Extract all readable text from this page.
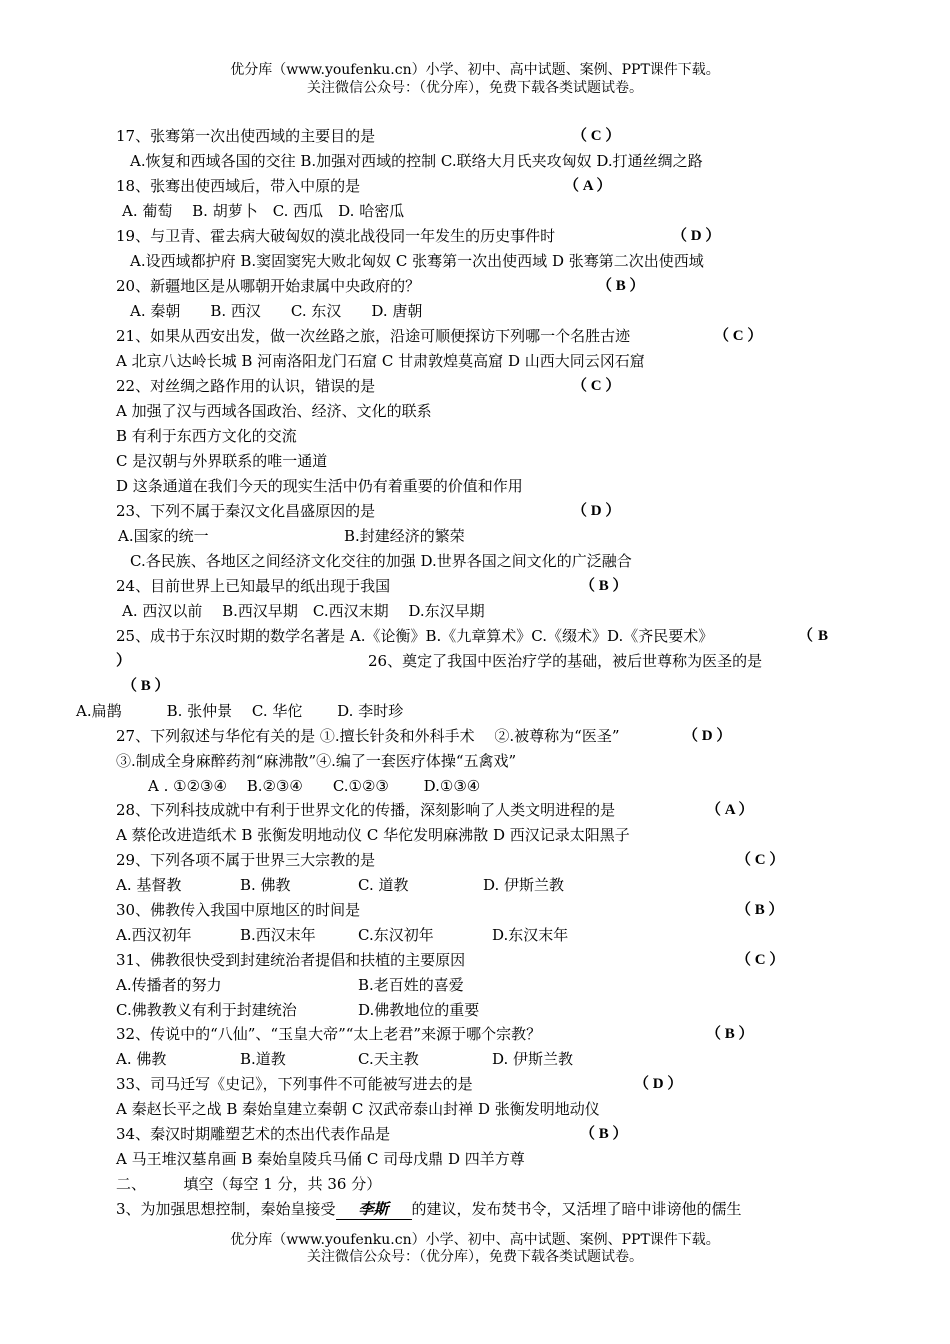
优分库（www.youfenku.cn）小学、初中、高中试题、案例、PPT课件下载。
关注微信公众号：（优分库），免费下载各类试题试卷。
17、张骞第一次出使西域的主要目的是	（ C ）
A.恢复和西域各国的交往 B.加强对西域的控制 C.联络大月氏夹攻匈奴 D.打通丝绸之路
18、张骞出使西域后，带入中原的是	（ A ）
A. 葡萄　 B. 胡萝卜　C. 西瓜　D. 哈密瓜
19、与卫青、霍去病大破匈奴的漠北战役同一年发生的历史事件时	（ D ）
A.设西域都护府 B.窦固窦宪大败北匈奴 C 张骞第一次出使西域 D 张骞第二次出使西域
20、新疆地区是从哪朝开始隶属中央政府的？	（ B ）
A. 秦朝　　B. 西汉　　C. 东汉　　D. 唐朝
21、如果从西安出发，做一次丝路之旅，沿途可顺便探访下列哪一个名胜古迹	（ C ）
A 北京八达岭长城 B 河南洛阳龙门石窟 C 甘肃敦煌莫高窟 D 山西大同云冈石窟
22、对丝绸之路作用的认识，错误的是	（ C ）
A 加强了汉与西域各国政治、经济、文化的联系
B 有利于东西方文化的交流
C 是汉朝与外界联系的唯一通道
D 这条通道在我们今天的现实生活中仍有着重要的价值和作用
23、下列不属于秦汉文化昌盛原因的是	（ D ）
A.国家的统一	B.封建经济的繁荣
C.各民族、各地区之间经济文化交往的加强 D.世界各国之间文化的广泛融合
24、目前世界上已知最早的纸出现于我国	（ B ）
A. 西汉以前　 B.西汉早期　C.西汉末期　 D.东汉早期
25、成书于东汉时期的数学名著是 A.《论衡》B.《九章算术》C.《缀术》D.《齐民要术》	（ B
）	26、奠定了我国中医治疗学的基础，被后世尊称为医圣的是
（ B ）
A.扁鹊　　　B. 张仲景　 C. 华佗　　 D. 李时珍
27、下列叙述与华佗有关的是 ①.擅长针灸和外科手术　 ②.被尊称为“医圣”	（ D ）
③.制成全身麻醉药剂“麻沸散”④.编了一套医疗体操“五禽戏”
A . ①②③④　 B.②③④　　C.①②③　　 D.①③④
28、下列科技成就中有利于世界文化的传播，深刻影响了人类文明进程的是	（ A ）
A 蔡伦改进造纸术 B 张衡发明地动仪 C 华佗发明麻沸散 D 西汉记录太阳黑子
29、下列各项不属于世界三大宗教的是	（ C ）
A. 基督教	B. 佛教	C. 道教	D. 伊斯兰教
30、佛教传入我国中原地区的时间是	（ B ）
A.西汉初年	B.西汉末年	C.东汉初年	D.东汉末年
31、佛教很快受到封建统治者提倡和扶植的主要原因	（ C ）
A.传播者的努力	B.老百姓的喜爱
C.佛教教义有利于封建统治	D.佛教地位的重要
32、传说中的“八仙”、“玉皇大帝”“太上老君”来源于哪个宗教？	（ B ）
A. 佛教	B.道教	C.天主教	D. 伊斯兰教
33、司马迁写《史记》，下列事件不可能被写进去的是	（ D ）
A 秦赵长平之战 B 秦始皇建立秦朝 C 汉武帝泰山封禅 D 张衡发明地动仪
34、秦汉时期雕塑艺术的杰出代表作品是	（ B ）
A 马王堆汉墓帛画 B 秦始皇陵兵马俑 C 司母戊鼎 D 四羊方尊
二、　　　填空（每空 1 分，共 36 分）
3、为加强思想控制，秦始皇接受 李斯 的建议，发布焚书令，又活埋了暗中诽谤他的儒生
优分库（www.youfenku.cn）小学、初中、高中试题、案例、PPT课件下载。
关注微信公众号：（优分库），免费下载各类试题试卷。
